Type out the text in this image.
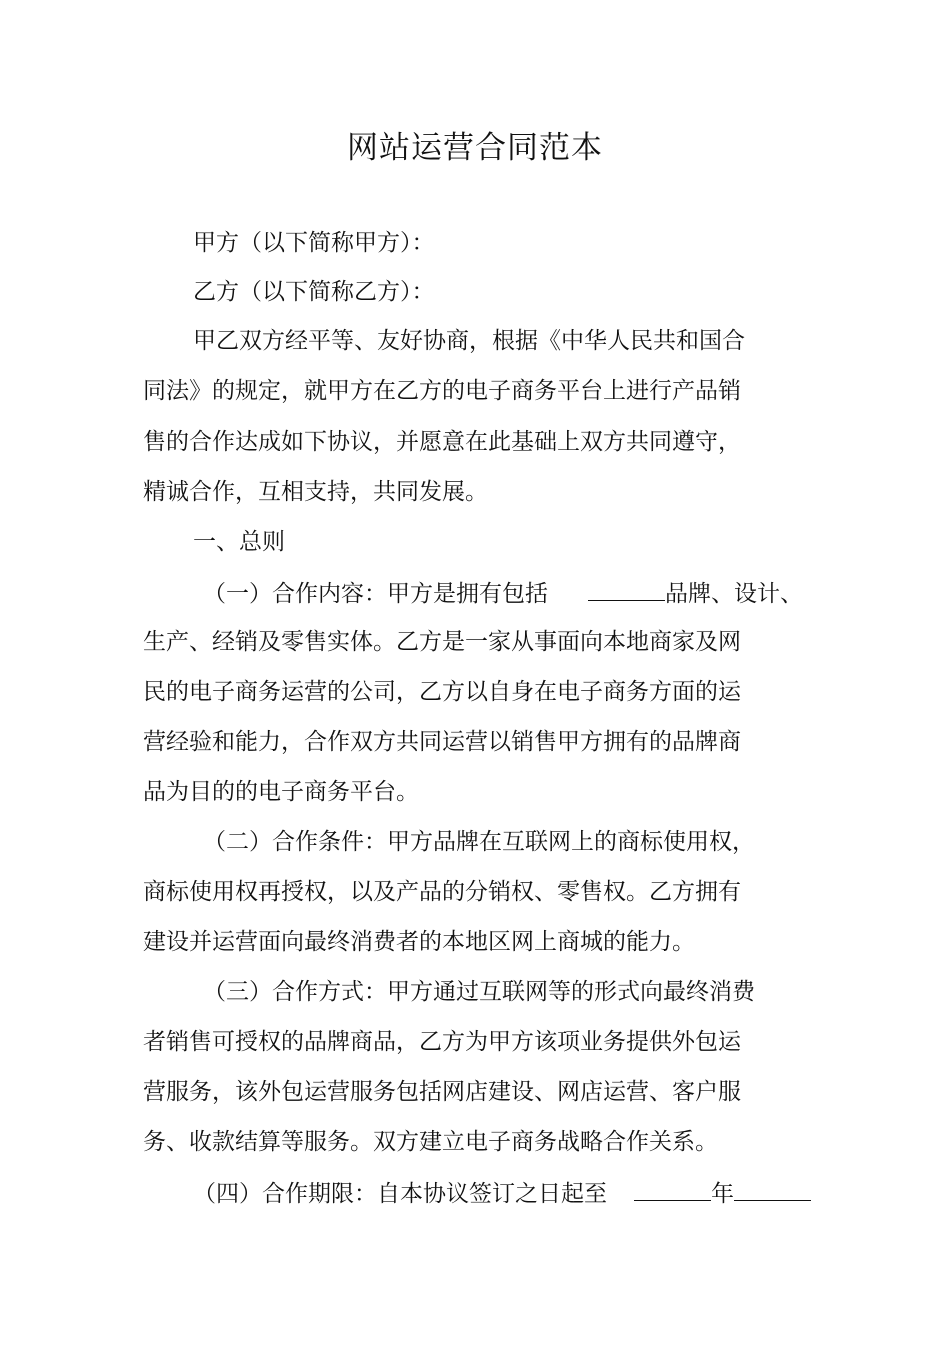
网站运营合同范本
甲方（以下简称甲方）：
乙方（以下简称乙方）：
甲乙双方经平等、友好协商，根据《中华人民共和国合
同法》的规定，就甲方在乙方的电子商务平台上进行产品销
售的合作达成如下协议，并愿意在此基础上双方共同遵守，
精诚合作，互相支持，共同发展。
一、总则
（一）合作内容：甲方是拥有包括	品牌、设计、
生产、经销及零售实体。乙方是一家从事面向本地商家及网
民的电子商务运营的公司，乙方以自身在电子商务方面的运
营经验和能力，合作双方共同运营以销售甲方拥有的品牌商
品为目的的电子商务平台。
（二）合作条件：甲方品牌在互联网上的商标使用权，
商标使用权再授权，以及产品的分销权、零售权。乙方拥有
建设并运营面向最终消费者的本地区网上商城的能力。
（三）合作方式：甲方通过互联网等的形式向最终消费
者销售可授权的品牌商品，乙方为甲方该项业务提供外包运
营服务，该外包运营服务包括网店建设、网店运营、客户服
务、收款结算等服务。双方建立电子商务战略合作关系。
（四）合作期限：自本协议签订之日起至	年
